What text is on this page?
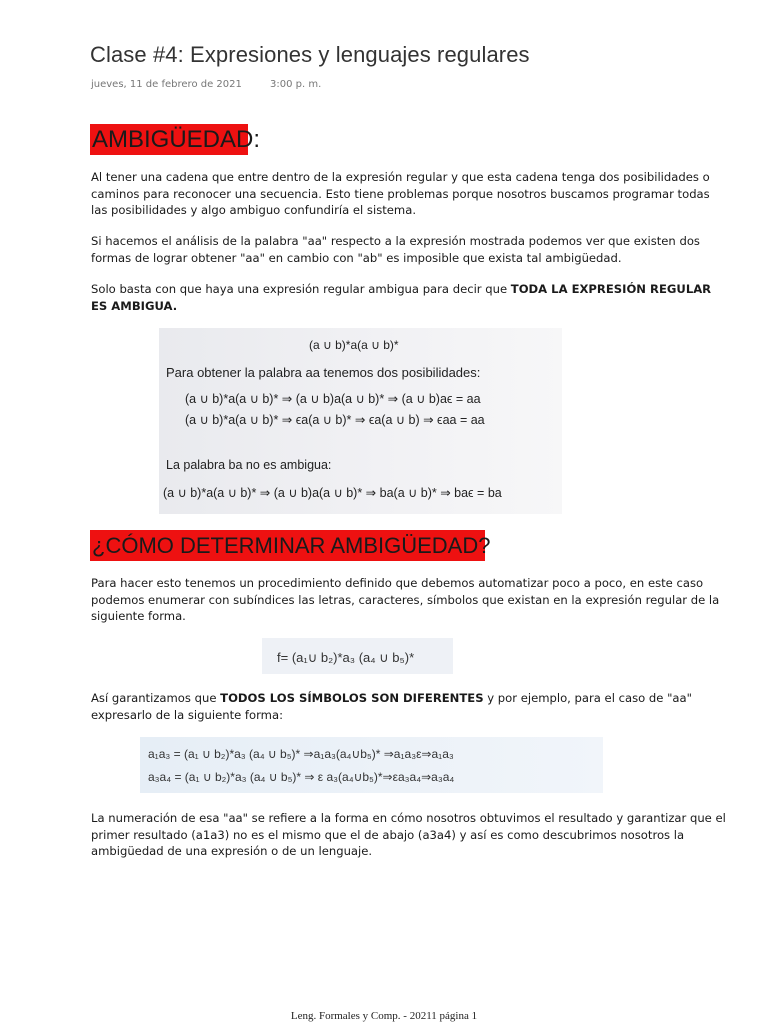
Clase #4: Expresiones y lenguajes regulares
jueves, 11 de febrero de 2021	3:00 p. m.
AMBIGÜEDAD:
Al tener una cadena que entre dentro de la expresión regular y que esta cadena tenga dos posibilidades o caminos para reconocer una secuencia. Esto tiene problemas porque nosotros buscamos programar todas las posibilidades y algo ambiguo confundiría el sistema.
Si hacemos el análisis de la palabra "aa" respecto a la expresión mostrada podemos ver que existen dos formas de lograr obtener "aa" en cambio con "ab" es imposible que exista tal ambigüedad.
Solo basta con que haya una expresión regular ambigua para decir que TODA LA EXPRESIÓN REGULAR ES AMBIGUA.
(a ∪ b)*a(a ∪ b)*
Para obtener la palabra aa tenemos dos posibilidades:
(a ∪ b)*a(a ∪ b)* ⇒ (a ∪ b)a(a ∪ b)* ⇒ (a ∪ b)aϵ = aa
(a ∪ b)*a(a ∪ b)* ⇒ ϵa(a ∪ b)* ⇒ ϵa(a ∪ b) ⇒ ϵaa = aa
La palabra ba no es ambigua:
(a ∪ b)*a(a ∪ b)* ⇒ (a ∪ b)a(a ∪ b)* ⇒ ba(a ∪ b)* ⇒ baϵ = ba
¿CÓMO DETERMINAR AMBIGÜEDAD?
Para hacer esto tenemos un procedimiento definido que debemos automatizar poco a poco, en este caso podemos enumerar con subíndices las letras, caracteres, símbolos que existan en la expresión regular de la siguiente forma.
f= (a₁∪ b₂)*a₃ (a₄ ∪ b₅)*
Así garantizamos que TODOS LOS SÍMBOLOS SON DIFERENTES y por ejemplo, para el caso de "aa" expresarlo de la siguiente forma:
a₁a₃ = (a₁ ∪ b₂)*a₃ (a₄ ∪ b₅)* ⇒a₁a₃(a₄∪b₅)* ⇒a₁a₃ε⇒a₁a₃
a₃a₄ = (a₁ ∪ b₂)*a₃ (a₄ ∪ b₅)* ⇒ ε a₃(a₄∪b₅)*⇒εa₃a₄⇒a₃a₄
La numeración de esa "aa" se refiere a la forma en cómo nosotros obtuvimos el resultado y garantizar que el primer resultado (a1a3) no es el mismo que el de abajo (a3a4) y así es como descubrimos nosotros la ambigüedad de una expresión o de un lenguaje.
Leng. Formales y Comp. - 20211 página 1
